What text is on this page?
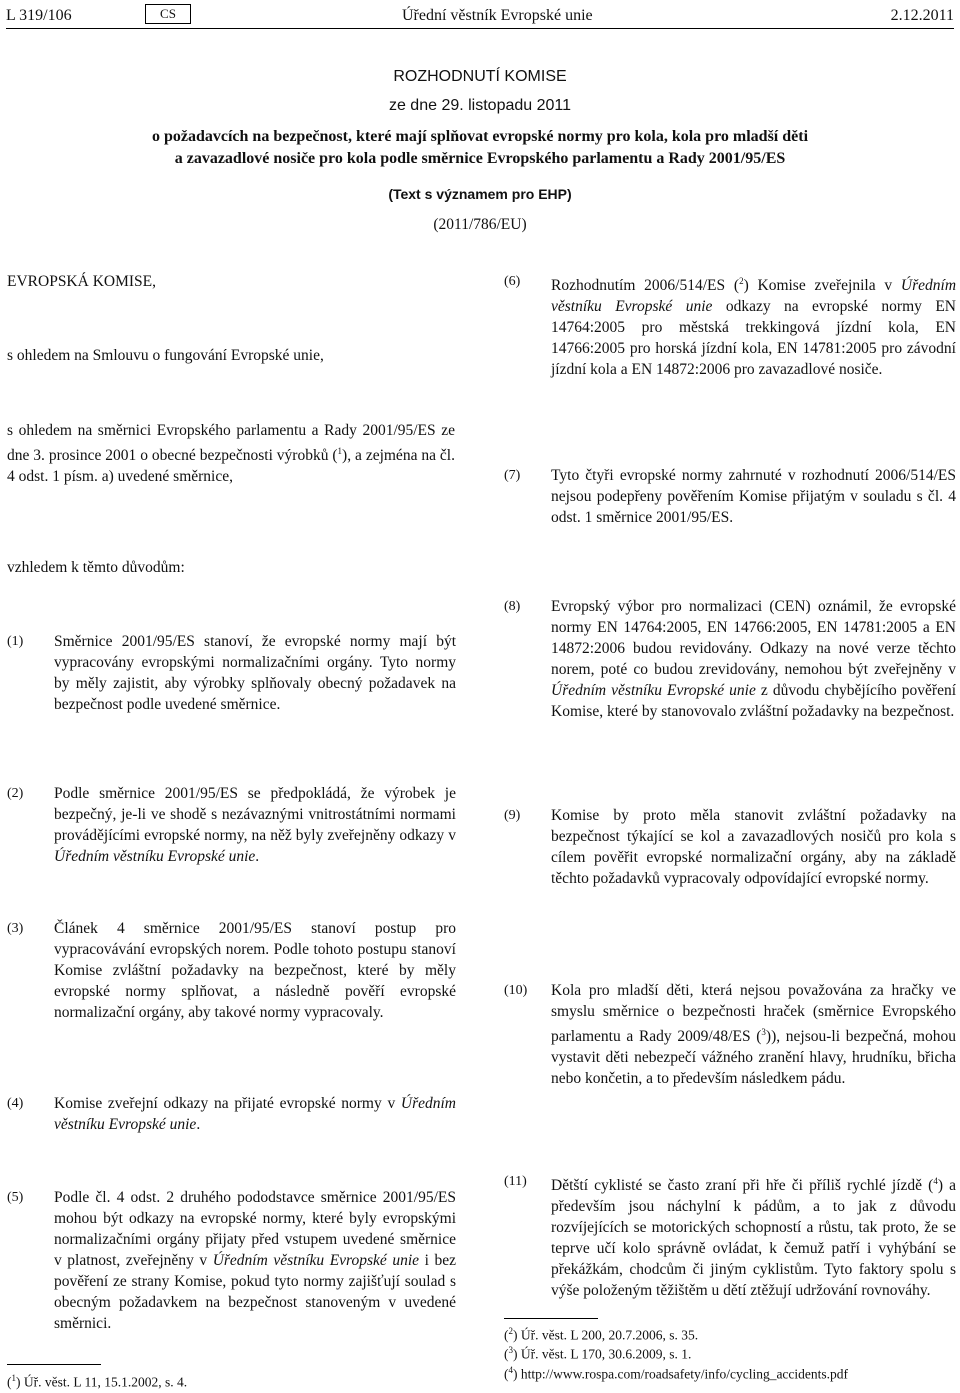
L 319/106	CS	Úřední věstník Evropské unie	2.12.2011
ROZHODNUTÍ KOMISE
ze dne 29. listopadu 2011
o požadavcích na bezpečnost, které mají splňovat evropské normy pro kola, kola pro mladší děti
a zavazadlové nosiče pro kola podle směrnice Evropského parlamentu a Rady 2001/95/ES
(Text s významem pro EHP)
(2011/786/EU)
EVROPSKÁ KOMISE,
s ohledem na Smlouvu o fungování Evropské unie,
s ohledem na směrnici Evropského parlamentu a Rady 2001/95/ES ze dne 3. prosince 2001 o obecné bezpečnosti výrobků ($^1$), a zejména na čl. 4 odst. 1 písm. a) uvedené směrnice,
vzhledem k těmto důvodům:
(1) Směrnice 2001/95/ES stanoví, že evropské normy mají být vypracovány evropskými normalizačními orgány. Tyto normy by měly zajistit, aby výrobky splňovaly obecný požadavek na bezpečnost podle uvedené směrnice.
(2) Podle směrnice 2001/95/ES se předpokládá, že výrobek je bezpečný, je-li ve shodě s nezávaznými vnitrostátními normami provádějícími evropské normy, na něž byly zveřejněny odkazy v Úředním věstníku Evropské unie.
(3) Článek 4 směrnice 2001/95/ES stanoví postup pro vypracovávání evropských norem. Podle tohoto postupu stanoví Komise zvláštní požadavky na bezpečnost, které by měly evropské normy splňovat, a následně pověří evropské normalizační orgány, aby takové normy vypracovaly.
(4) Komise zveřejní odkazy na přijaté evropské normy v Úředním věstníku Evropské unie.
(5) Podle čl. 4 odst. 2 druhého pododstavce směrnice 2001/95/ES mohou být odkazy na evropské normy, které byly evropskými normalizačními orgány přijaty před vstupem uvedené směrnice v platnost, zveřejněny v Úředním věstníku Evropské unie i bez pověření ze strany Komise, pokud tyto normy zajišťují soulad s obecným požadavkem na bezpečnost stanoveným v uvedené směrnici.
(6) Rozhodnutím 2006/514/ES ($^2$) Komise zveřejnila v Úředním věstníku Evropské unie odkazy na evropské normy EN 14764:2005 pro městská trekkingová jízdní kola, EN 14766:2005 pro horská jízdní kola, EN 14781:2005 pro závodní jízdní kola a EN 14872:2006 pro zavazadlové nosiče.
(7) Tyto čtyři evropské normy zahrnuté v rozhodnutí 2006/514/ES nejsou podepřeny pověřením Komise přijatým v souladu s čl. 4 odst. 1 směrnice 2001/95/ES.
(8) Evropský výbor pro normalizaci (CEN) oznámil, že evropské normy EN 14764:2005, EN 14766:2005, EN 14781:2005 a EN 14872:2006 budou revidovány. Odkazy na nové verze těchto norem, poté co budou zrevidovány, nemohou být zveřejněny v Úředním věstníku Evropské unie z důvodu chybějícího pověření Komise, které by stanovovalo zvláštní požadavky na bezpečnost.
(9) Komise by proto měla stanovit zvláštní požadavky na bezpečnost týkající se kol a zavazadlových nosičů pro kola s cílem pověřit evropské normalizační orgány, aby na základě těchto požadavků vypracovaly odpovídající evropské normy.
(10) Kola pro mladší děti, která nejsou považována za hračky ve smyslu směrnice o bezpečnosti hraček (směrnice Evropského parlamentu a Rady 2009/48/ES ($^3$)), nejsou-li bezpečná, mohou vystavit děti nebezpečí vážného zranění hlavy, hrudníku, břicha nebo končetin, a to především následkem pádu.
(11) Dětští cyklisté se často zraní při hře či příliš rychlé jízdě ($^4$) a především jsou náchylní k pádům, a to jak z důvodu rozvíjejících se motorických schopností a růstu, tak proto, že se teprve učí kolo správně ovládat, k čemuž patří i vyhýbání se překážkám, chodcům či jiným cyklistům. Tyto faktory spolu s výše položeným těžištěm u dětí ztěžují udržování rovnováhy.
($^1$) Úř. věst. L 11, 15.1.2002, s. 4.
($^2$) Úř. věst. L 200, 20.7.2006, s. 35.
($^3$) Úř. věst. L 170, 30.6.2009, s. 1.
($^4$) http://www.rospa.com/roadsafety/info/cycling_accidents.pdf
